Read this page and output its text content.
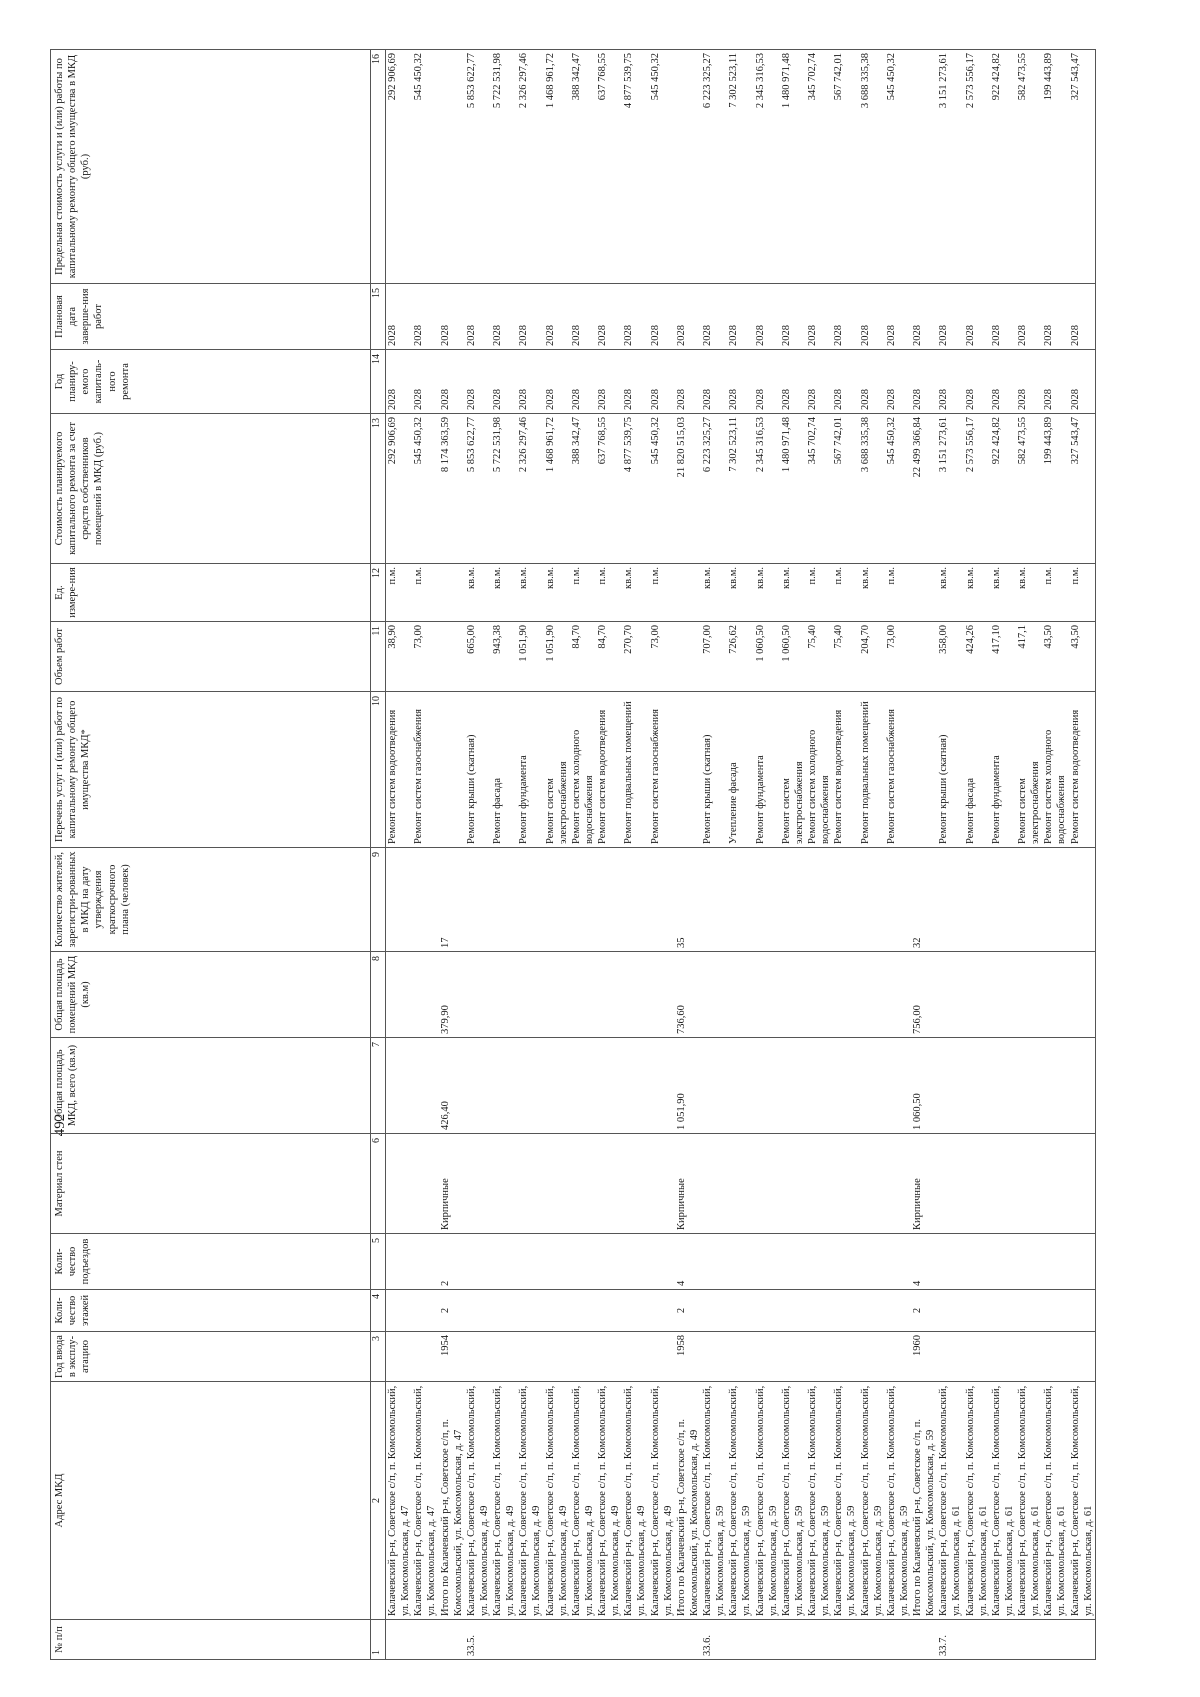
492
№ п/п	Адрес МКД	Год ввода в эксплу-атацию	Коли-чество этажей	Коли-чество подъездов	Материал стен	Общая площадь МКД, всего (кв.м)	Общая площадь помещений МКД (кв.м)	Количество жителей, зарегистри-рованных в МКД на дату утверждения краткосрочного плана (человек)	Перечень услуг и (или) работ по капитальному ремонту общего имущества МКД*	Объем работ	Ед. измере-ния	Стоимость планируемого капитального ремонта за счет средств собственников помещений в МКД (руб.)	Год планиру-емого капиталь-ного ремонта	Плановая дата заверше-ния работ	Предельная стоимость услуги и (или) работы по капитальному ремонту общего имущества в МКД (руб.)
1	2	3	4	5	6	7	8	9	10	11	12	13	14	15	16
	Калачевский р-н, Советское с/п, п. Комсомольский, ул. Комсомольская, д. 47								Ремонт систем водоотведения	38,90	п.м.	292 906,69	2028	2028	292 906,69
	Калачевский р-н, Советское с/п, п. Комсомольский, ул. Комсомольская, д. 47								Ремонт систем газоснабжения	73,00	п.м.	545 450,32	2028	2028	545 450,32
	Итого по Калачевский р-н, Советское с/п, п. Комсомольский, ул. Комсомольская, д. 47	1954	2	2	Кирпичные	426,40	379,90	17				8 174 363,59	2028	2028	
33.5.	Калачевский р-н, Советское с/п, п. Комсомольский, ул. Комсомольская, д. 49								Ремонт крыши (скатная)	665,00	кв.м.	5 853 622,77	2028	2028	5 853 622,77
	Калачевский р-н, Советское с/п, п. Комсомольский, ул. Комсомольская, д. 49								Ремонт фасада	943,38	кв.м.	5 722 531,98	2028	2028	5 722 531,98
	Калачевский р-н, Советское с/п, п. Комсомольский, ул. Комсомольская, д. 49								Ремонт фундамента	1 051,90	кв.м.	2 326 297,46	2028	2028	2 326 297,46
	Калачевский р-н, Советское с/п, п. Комсомольский, ул. Комсомольская, д. 49								Ремонт систем электроснабжения	1 051,90	кв.м.	1 468 961,72	2028	2028	1 468 961,72
	Калачевский р-н, Советское с/п, п. Комсомольский, ул. Комсомольская, д. 49								Ремонт систем холодного водоснабжения	84,70	п.м.	388 342,47	2028	2028	388 342,47
	Калачевский р-н, Советское с/п, п. Комсомольский, ул. Комсомольская, д. 49								Ремонт систем водоотведения	84,70	п.м.	637 768,55	2028	2028	637 768,55
	Калачевский р-н, Советское с/п, п. Комсомольский, ул. Комсомольская, д. 49								Ремонт подвальных помещений	270,70	кв.м.	4 877 539,75	2028	2028	4 877 539,75
	Калачевский р-н, Советское с/п, п. Комсомольский, ул. Комсомольская, д. 49								Ремонт систем газоснабжения	73,00	п.м.	545 450,32	2028	2028	545 450,32
	Итого по Калачевский р-н, Советское с/п, п. Комсомольский, ул. Комсомольская, д. 49	1958	2	4	Кирпичные	1 051,90	736,60	35				21 820 515,03	2028	2028	
33.6.	Калачевский р-н, Советское с/п, п. Комсомольский, ул. Комсомольская, д. 59								Ремонт крыши (скатная)	707,00	кв.м.	6 223 325,27	2028	2028	6 223 325,27
	Калачевский р-н, Советское с/п, п. Комсомольский, ул. Комсомольская, д. 59								Утепление фасада	726,62	кв.м.	7 302 523,11	2028	2028	7 302 523,11
	Калачевский р-н, Советское с/п, п. Комсомольский, ул. Комсомольская, д. 59								Ремонт фундамента	1 060,50	кв.м.	2 345 316,53	2028	2028	2 345 316,53
	Калачевский р-н, Советское с/п, п. Комсомольский, ул. Комсомольская, д. 59								Ремонт систем электроснабжения	1 060,50	кв.м.	1 480 971,48	2028	2028	1 480 971,48
	Калачевский р-н, Советское с/п, п. Комсомольский, ул. Комсомольская, д. 59								Ремонт систем холодного водоснабжения	75,40	п.м.	345 702,74	2028	2028	345 702,74
	Калачевский р-н, Советское с/п, п. Комсомольский, ул. Комсомольская, д. 59								Ремонт систем водоотведения	75,40	п.м.	567 742,01	2028	2028	567 742,01
	Калачевский р-н, Советское с/п, п. Комсомольский, ул. Комсомольская, д. 59								Ремонт подвальных помещений	204,70	кв.м.	3 688 335,38	2028	2028	3 688 335,38
	Калачевский р-н, Советское с/п, п. Комсомольский, ул. Комсомольская, д. 59								Ремонт систем газоснабжения	73,00	п.м.	545 450,32	2028	2028	545 450,32
	Итого по Калачевский р-н, Советское с/п, п. Комсомольский, ул. Комсомольская, д. 59	1960	2	4	Кирпичные	1 060,50	756,00	32				22 499 366,84	2028	2028	
33.7.	Калачевский р-н, Советское с/п, п. Комсомольский, ул. Комсомольская, д. 61								Ремонт крыши (скатная)	358,00	кв.м.	3 151 273,61	2028	2028	3 151 273,61
	Калачевский р-н, Советское с/п, п. Комсомольский, ул. Комсомольская, д. 61								Ремонт фасада	424,26	кв.м.	2 573 556,17	2028	2028	2 573 556,17
	Калачевский р-н, Советское с/п, п. Комсомольский, ул. Комсомольская, д. 61								Ремонт фундамента	417,10	кв.м.	922 424,82	2028	2028	922 424,82
	Калачевский р-н, Советское с/п, п. Комсомольский, ул. Комсомольская, д. 61								Ремонт систем электроснабжения	417,1	кв.м.	582 473,55	2028	2028	582 473,55
	Калачевский р-н, Советское с/п, п. Комсомольский, ул. Комсомольская, д. 61								Ремонт систем холодного водоснабжения	43,50	п.м.	199 443,89	2028	2028	199 443,89
	Калачевский р-н, Советское с/п, п. Комсомольский, ул. Комсомольская, д. 61								Ремонт систем водоотведения	43,50	п.м.	327 543,47	2028	2028	327 543,47
